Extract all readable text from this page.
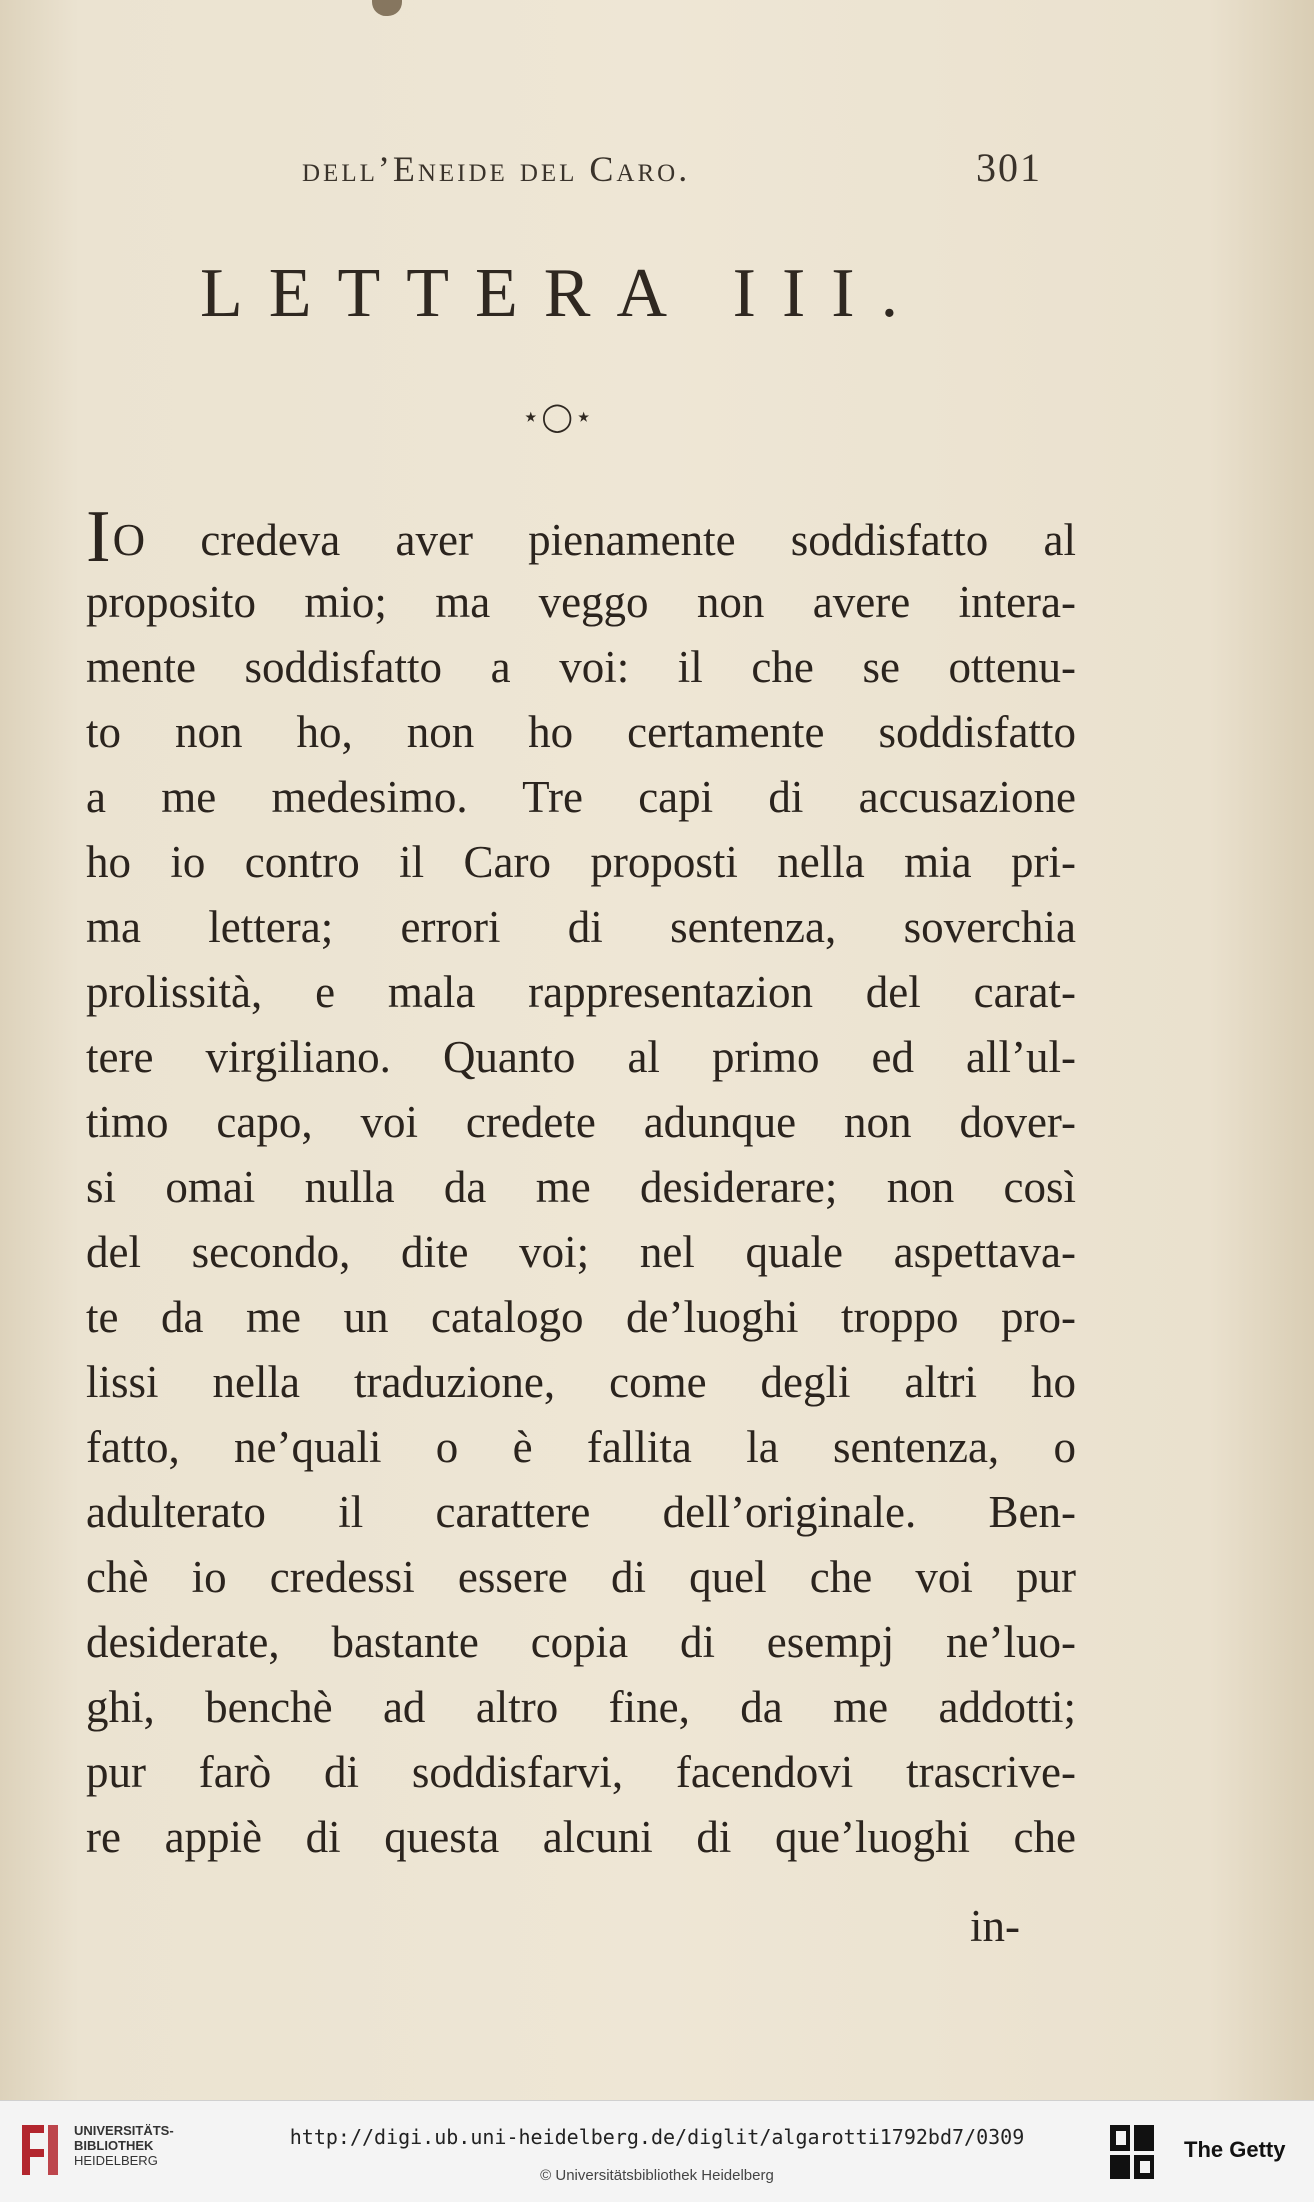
dell’Eneide del Caro.	301
LETTERA III.
⋆◯⋆
IO credeva aver pienamente soddisfatto al
proposito mio; ma veggo non avere intera-
mente soddisfatto a voi: il che se ottenu-
to non ho, non ho certamente soddisfatto
a me medesimo. Tre capi di accusazione
ho io contro il Caro proposti nella mia pri-
ma lettera; errori di sentenza, soverchia
prolissità, e mala rappresentazion del carat-
tere virgiliano. Quanto al primo ed all’ul-
timo capo, voi credete adunque non dover-
si omai nulla da me desiderare; non così
del secondo, dite voi; nel quale aspettava-
te da me un catalogo de’luoghi troppo pro-
lissi nella traduzione, come degli altri ho
fatto, ne’quali o è fallita la sentenza, o
adulterato il carattere dell’originale. Ben-
chè io credessi essere di quel che voi pur
desiderate, bastante copia di esempj ne’luo-
ghi, benchè ad altro fine, da me addotti;
pur farò di soddisfarvi, facendovi trascrive-
re appiè di questa alcuni di que’luoghi che
in-
UNIVERSITÄTS-
BIBLIOTHEK
HEIDELBERG
http://digi.ub.uni-heidelberg.de/diglit/algarotti1792bd7/0309
© Universitätsbibliothek Heidelberg
The Getty
